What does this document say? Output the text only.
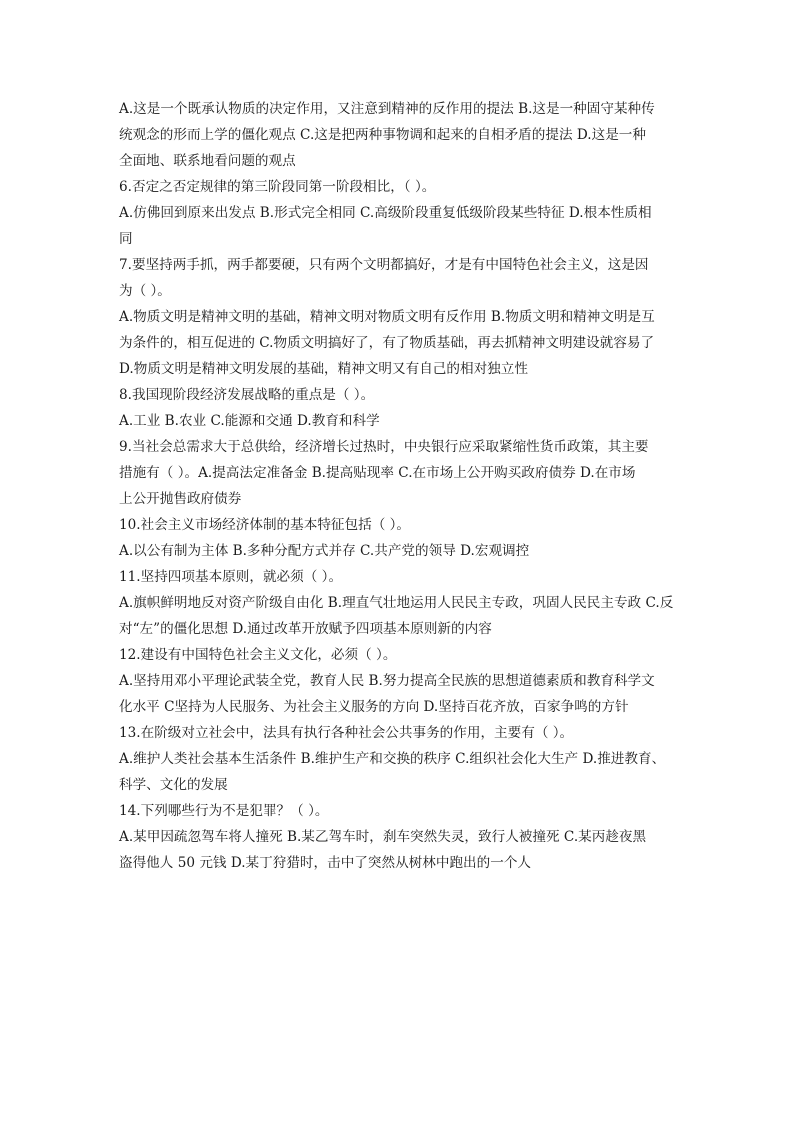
A.这是一个既承认物质的决定作用，又注意到精神的反作用的提法 B.这是一种固守某种传
统观念的形而上学的僵化观点 C.这是把两种事物调和起来的自相矛盾的提法 D.这是一种
全面地、联系地看问题的观点
6.否定之否定规律的第三阶段同第一阶段相比，（ ）。
A.仿佛回到原来出发点 B.形式完全相同 C.高级阶段重复低级阶段某些特征 D.根本性质相
同
7.要坚持两手抓，两手都要硬，只有两个文明都搞好，才是有中国特色社会主义，这是因
为（ ）。
A.物质文明是精神文明的基础，精神文明对物质文明有反作用 B.物质文明和精神文明是互
为条件的，相互促进的 C.物质文明搞好了，有了物质基础，再去抓精神文明建设就容易了
D.物质文明是精神文明发展的基础，精神文明又有自己的相对独立性
8.我国现阶段经济发展战略的重点是（ ）。
A.工业 B.农业 C.能源和交通 D.教育和科学
9.当社会总需求大于总供给，经济增长过热时，中央银行应采取紧缩性货币政策，其主要
措施有（ ）。A.提高法定准备金 B.提高贴现率 C.在市场上公开购买政府债券 D.在市场
上公开抛售政府债券
10.社会主义市场经济体制的基本特征包括（ ）。
A.以公有制为主体 B.多种分配方式并存 C.共产党的领导 D.宏观调控
11.坚持四项基本原则，就必须（ ）。
A.旗帜鲜明地反对资产阶级自由化 B.理直气壮地运用人民民主专政，巩固人民民主专政 C.反
对“左”的僵化思想 D.通过改革开放赋予四项基本原则新的内容
12.建设有中国特色社会主义文化，必须（ ）。
A.坚持用邓小平理论武装全党，教育人民 B.努力提高全民族的思想道德素质和教育科学文
化水平 C坚持为人民服务、为社会主义服务的方向 D.坚持百花齐放，百家争鸣的方针
13.在阶级对立社会中，法具有执行各种社会公共事务的作用，主要有（ ）。
A.维护人类社会基本生活条件 B.维护生产和交换的秩序 C.组织社会化大生产 D.推进教育、
科学、文化的发展
14.下列哪些行为不是犯罪？（ ）。
A.某甲因疏忽驾车将人撞死 B.某乙驾车时，刹车突然失灵，致行人被撞死 C.某丙趁夜黑
盗得他人 50 元钱 D.某丁狩猎时，击中了突然从树林中跑出的一个人
